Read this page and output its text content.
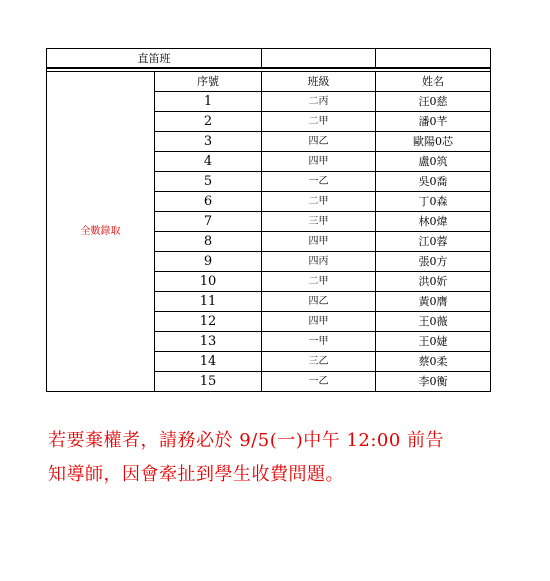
直笛班			

全數錄取	序號	班級	姓名
	1	二丙	汪0慈
	2	二甲	潘0芊
	3	四乙	歐陽0芯
	4	四甲	盧0筑
	5	一乙	吳0喬
	6	二甲	丁0森
	7	三甲	林0煒
	8	四甲	江0蓉
	9	四丙	張0方
	10	二甲	洪0妡
	11	四乙	黃0膺
	12	四甲	王0薇
	13	一甲	王0婕
	14	三乙	蔡0柔
	15	一乙	李0衡

若要棄權者，請務必於 9/5(一)中午 12:00 前告

知導師，因會牽扯到學生收費問題。
